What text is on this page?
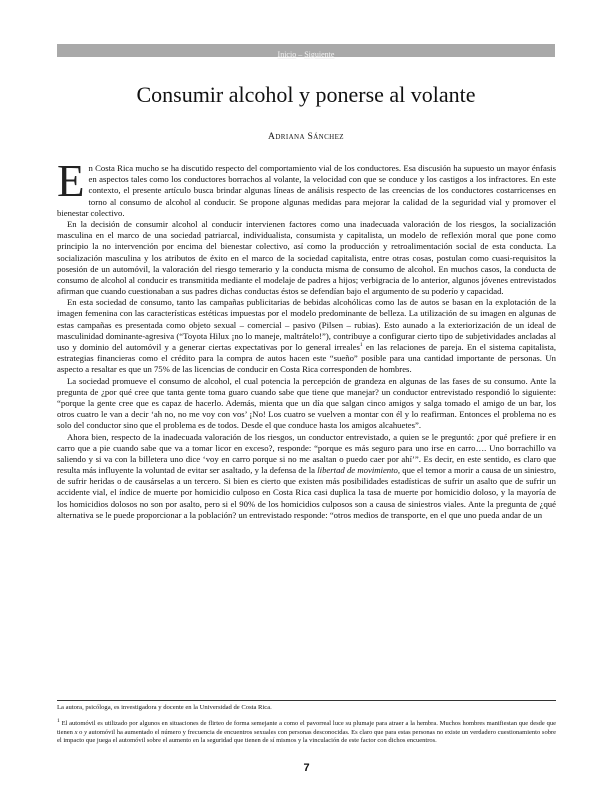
Inicio – Siguiente
Consumir alcohol y ponerse al volante
Adriana Sánchez

En Costa Rica mucho se ha discutido respecto del comportamiento vial de los conductores. Esa discusión ha supuesto un mayor énfasis en aspectos tales como los conductores borrachos al volante, la velocidad con que se conduce y los castigos a los infractores. En este contexto, el presente artículo busca brindar algunas líneas de análisis respecto de las creencias de los conductores costarricenses en torno al consumo de alcohol al conducir. Se propone algunas medidas para mejorar la calidad de la seguridad vial y promover el bienestar colectivo.

En la decisión de consumir alcohol al conducir intervienen factores como una inadecuada valoración de los riesgos, la socialización masculina en el marco de una sociedad patriarcal, individualista, consumista y capitalista, un modelo de reflexión moral que pone como principio la no intervención por encima del bienestar colectivo, así como la producción y retroalimentación social de esta conducta. La socialización masculina y los atributos de éxito en el marco de la sociedad capitalista, entre otras cosas, postulan como cuasi-requisitos la posesión de un automóvil, la valoración del riesgo temerario y la conducta misma de consumo de alcohol. En muchos casos, la conducta de consumo de alcohol al conducir es transmitida mediante el modelaje de padres a hijos; verbigracia de lo anterior, algunos jóvenes entrevistados afirman que cuando cuestionaban a sus padres dichas conductas éstos se defendían bajo el argumento de su poderío y capacidad.

En esta sociedad de consumo, tanto las campañas publicitarias de bebidas alcohólicas como las de autos se basan en la explotación de la imagen femenina con las características estéticas impuestas por el modelo predominante de belleza. La utilización de su imagen en algunas de estas campañas es presentada como objeto sexual – comercial – pasivo (Pilsen – rubias). Esto aunado a la exteriorización de un ideal de masculinidad dominante-agresiva (“Toyota Hilux ¡no lo maneje, maltrátelo!”), contribuye a configurar cierto tipo de subjetividades ancladas al uso y dominio del automóvil y a generar ciertas expectativas por lo general irreales$^1$ en las relaciones de pareja. En el sistema capitalista, estrategias financieras como el crédito para la compra de autos hacen este “sueño” posible para una cantidad importante de personas. Un aspecto a resaltar es que un 75% de las licencias de conducir en Costa Rica corresponden de hombres.

La sociedad promueve el consumo de alcohol, el cual potencia la percepción de grandeza en algunas de las fases de su consumo. Ante la pregunta de ¿por qué cree que tanta gente toma guaro cuando sabe que tiene que manejar? un conductor entrevistado respondió lo siguiente: “porque la gente cree que es capaz de hacerlo. Además, mienta que un día que salgan cinco amigos y salga tomado el amigo de un bar, los otros cuatro le van a decir ‘ah no, no me voy con vos’ ¡No! Los cuatro se vuelven a montar con él y lo reafirman. Entonces el problema no es solo del conductor sino que el problema es de todos. Desde el que conduce hasta los amigos alcahuetes”.

Ahora bien, respecto de la inadecuada valoración de los riesgos, un conductor entrevistado, a quien se le preguntó: ¿por qué prefiere ir en carro que a pie cuando sabe que va a tomar licor en exceso?, responde: “porque es más seguro para uno irse en carro…. Uno borrachillo va saliendo y si va con la billetera uno dice ‘voy en carro porque si no me asaltan o puedo caer por ahí’”. Es decir, en este sentido, es claro que resulta más influyente la voluntad de evitar ser asaltado, y la defensa de la libertad de movimiento, que el temor a morir a causa de un siniestro, de sufrir heridas o de causárselas a un tercero. Si bien es cierto que existen más posibilidades estadísticas de sufrir un asalto que de sufrir un accidente vial, el índice de muerte por homicidio culposo en Costa Rica casi duplica la tasa de muerte por homicidio doloso, y la mayoría de los homicidios dolosos no son por asalto, pero si el 90% de los homicidios culposos son a causa de siniestros viales. Ante la pregunta de ¿qué alternativa se le puede proporcionar a la población? un entrevistado responde: “otros medios de transporte, en el que uno pueda andar de un

La autora, psicóloga, es investigadora y docente en la Universidad de Costa Rica.
$^1$ El automóvil es utilizado por algunos en situaciones de flirteo de forma semejante a como el pavorreal luce su plumaje para atraer a la hembra. Muchos hombres manifiestan que desde que tienen x o y automóvil ha aumentado el número y frecuencia de encuentros sexuales con personas desconocidas. Es claro que para estas personas no existe un verdadero cuestionamiento sobre el impacto que juega el automóvil sobre el aumento en la seguridad que tienen de sí mismos y la vinculación de este factor con dichos encuentros.
7
